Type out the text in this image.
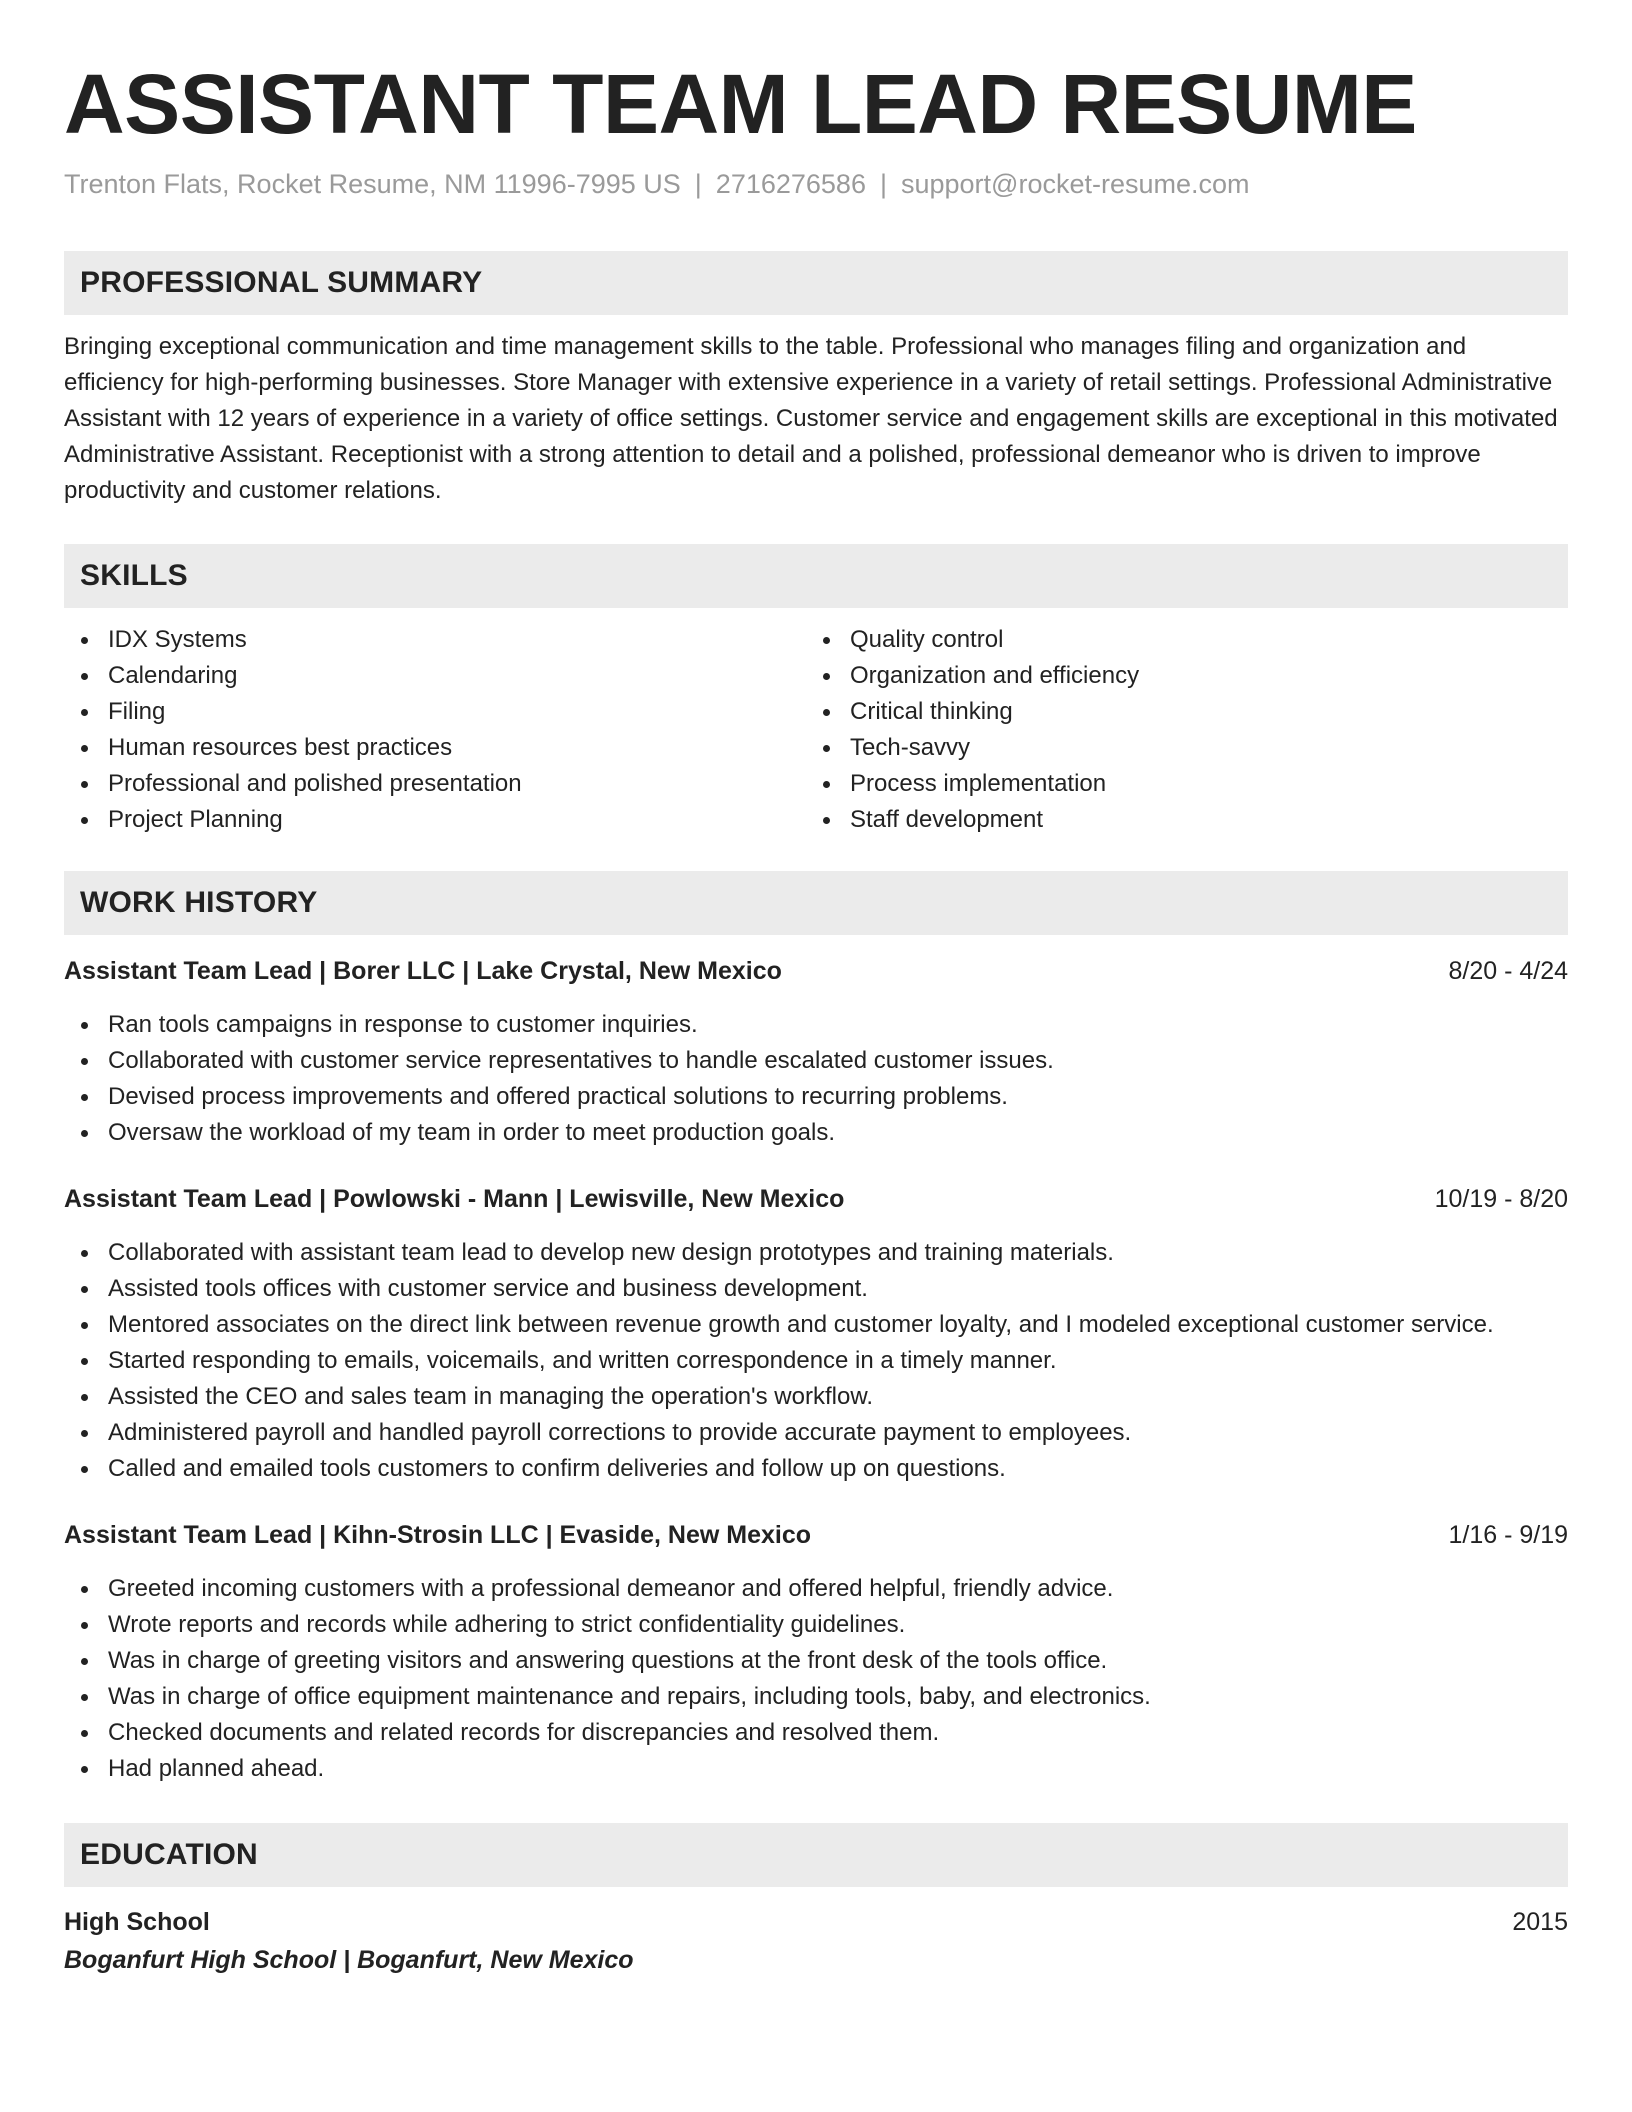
ASSISTANT TEAM LEAD RESUME
Trenton Flats, Rocket Resume, NM 11996-7995 US | 2716276586 | support@rocket-resume.com
PROFESSIONAL SUMMARY
Bringing exceptional communication and time management skills to the table. Professional who manages filing and organization and efficiency for high-performing businesses. Store Manager with extensive experience in a variety of retail settings. Professional Administrative Assistant with 12 years of experience in a variety of office settings. Customer service and engagement skills are exceptional in this motivated Administrative Assistant. Receptionist with a strong attention to detail and a polished, professional demeanor who is driven to improve productivity and customer relations.
SKILLS
IDX Systems
Calendaring
Filing
Human resources best practices
Professional and polished presentation
Project Planning
Quality control
Organization and efficiency
Critical thinking
Tech-savvy
Process implementation
Staff development
WORK HISTORY
Assistant Team Lead | Borer LLC | Lake Crystal, New Mexico	8/20 - 4/24
Ran tools campaigns in response to customer inquiries.
Collaborated with customer service representatives to handle escalated customer issues.
Devised process improvements and offered practical solutions to recurring problems.
Oversaw the workload of my team in order to meet production goals.
Assistant Team Lead | Powlowski - Mann | Lewisville, New Mexico	10/19 - 8/20
Collaborated with assistant team lead to develop new design prototypes and training materials.
Assisted tools offices with customer service and business development.
Mentored associates on the direct link between revenue growth and customer loyalty, and I modeled exceptional customer service.
Started responding to emails, voicemails, and written correspondence in a timely manner.
Assisted the CEO and sales team in managing the operation's workflow.
Administered payroll and handled payroll corrections to provide accurate payment to employees.
Called and emailed tools customers to confirm deliveries and follow up on questions.
Assistant Team Lead | Kihn-Strosin LLC | Evaside, New Mexico	1/16 - 9/19
Greeted incoming customers with a professional demeanor and offered helpful, friendly advice.
Wrote reports and records while adhering to strict confidentiality guidelines.
Was in charge of greeting visitors and answering questions at the front desk of the tools office.
Was in charge of office equipment maintenance and repairs, including tools, baby, and electronics.
Checked documents and related records for discrepancies and resolved them.
Had planned ahead.
EDUCATION
High School	2015
Boganfurt High School | Boganfurt, New Mexico
